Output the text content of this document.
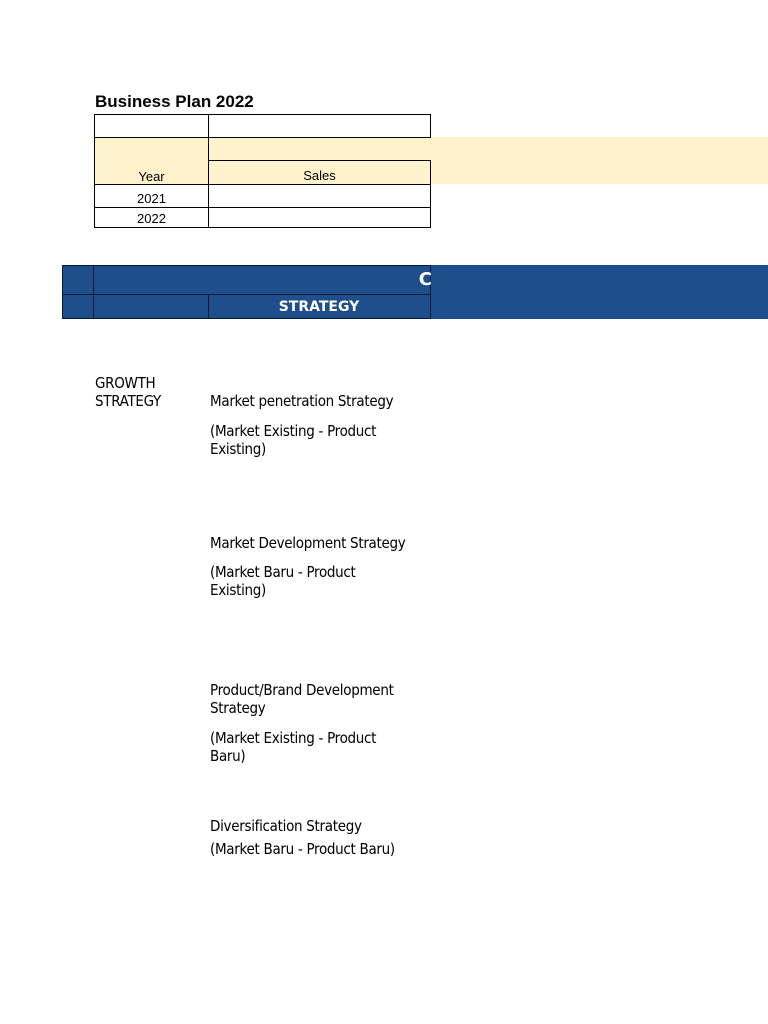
Business Plan 2022
Year	Sales
2021
2022
C
STRATEGY
GROWTH
STRATEGY	Market penetration Strategy
(Market Existing - Product
Existing)
Market Development Strategy
(Market Baru - Product
Existing)
Product/Brand Development
Strategy
(Market Existing - Product
Baru)
Diversification Strategy
(Market Baru - Product Baru)
